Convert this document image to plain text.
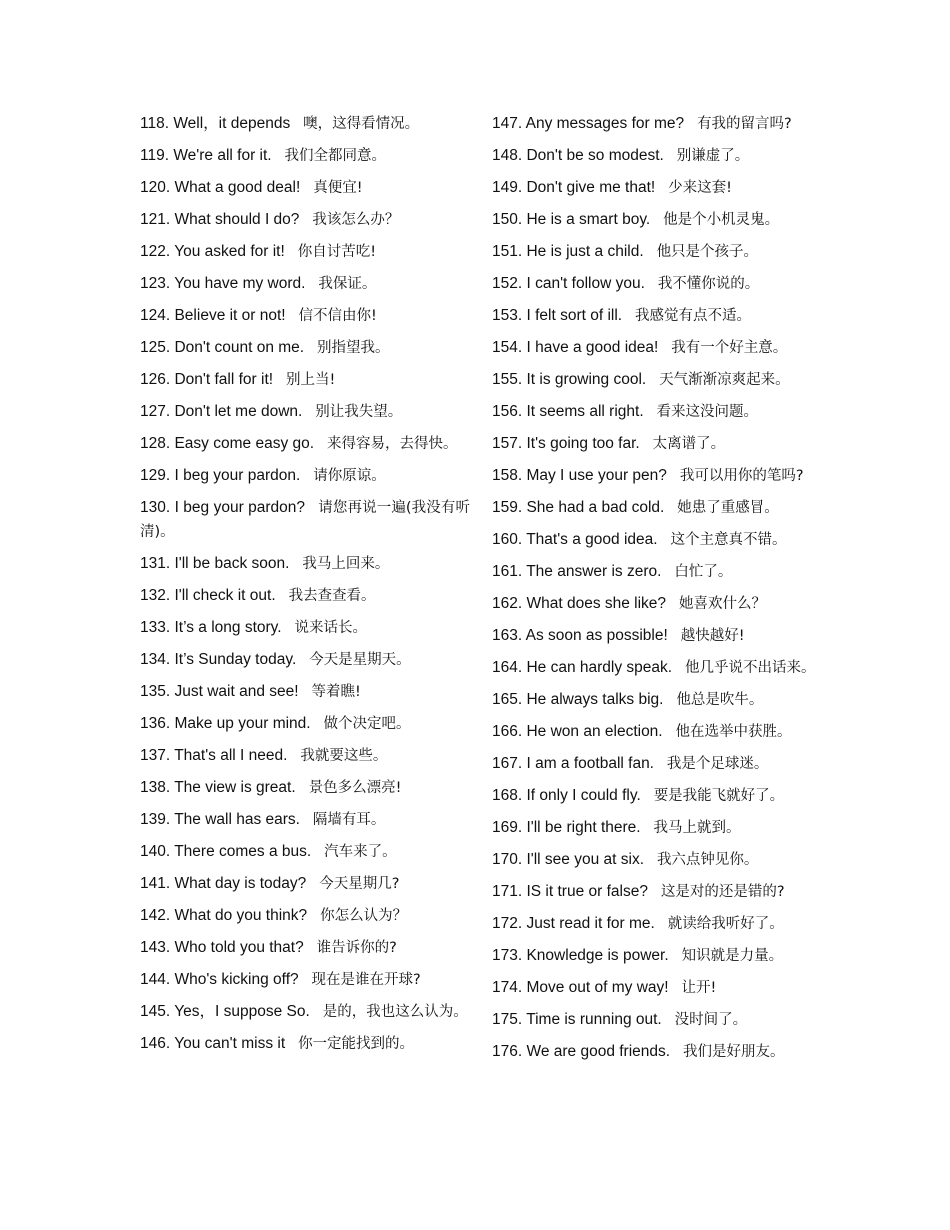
118. Well，it depends 噢，这得看情况。
119. We're all for it. 我们全都同意。
120. What a good deal! 真便宜!
121. What should I do? 我该怎么办？
122. You asked for it! 你自讨苦吃!
123. You have my word. 我保证。
124. Believe it or not! 信不信由你!
125. Don't count on me. 别指望我。
126. Don't fall for it! 别上当!
127. Don't let me down. 别让我失望。
128. Easy come easy go. 来得容易，去得快。
129. I beg your pardon. 请你原谅。
130. I beg your pardon? 请您再说一遍(我没有听清)。
131. I'll be back soon. 我马上回来。
132. I'll check it out. 我去查查看。
133. It’s a long story. 说来话长。
134. It’s Sunday today. 今天是星期天。
135. Just wait and see! 等着瞧!
136. Make up your mind. 做个决定吧。
137. That's all I need. 我就要这些。
138. The view is great. 景色多么漂亮!
139. The wall has ears. 隔墙有耳。
140. There comes a bus. 汽车来了。
141. What day is today? 今天星期几?
142. What do you think? 你怎么认为？
143. Who told you that? 谁告诉你的?
144. Who's kicking off? 现在是谁在开球?
145. Yes，I suppose So. 是的，我也这么认为。
146. You can't miss it 你一定能找到的。
147. Any messages for me? 有我的留言吗?
148. Don't be so modest. 别谦虚了。
149. Don't give me that! 少来这套!
150. He is a smart boy. 他是个小机灵鬼。
151. He is just a child. 他只是个孩子。
152. I can't follow you. 我不懂你说的。
153. I felt sort of ill. 我感觉有点不适。
154. I have a good idea! 我有一个好主意。
155. It is growing cool. 天气渐渐凉爽起来。
156. It seems all right. 看来这没问题。
157. It's going too far. 太离谱了。
158. May I use your pen? 我可以用你的笔吗?
159. She had a bad cold. 她患了重感冒。
160. That's a good idea. 这个主意真不错。
161. The answer is zero. 白忙了。
162. What does she like? 她喜欢什么？
163. As soon as possible! 越快越好!
164. He can hardly speak. 他几乎说不出话来。
165. He always talks big. 他总是吹牛。
166. He won an election. 他在选举中获胜。
167. I am a football fan. 我是个足球迷。
168. If only I could fly. 要是我能飞就好了。
169. I'll be right there. 我马上就到。
170. I'll see you at six. 我六点钟见你。
171. IS it true or false? 这是对的还是错的?
172. Just read it for me. 就读给我听好了。
173. Knowledge is power. 知识就是力量。
174. Move out of my way! 让开!
175. Time is running out. 没时间了。
176. We are good friends. 我们是好朋友。
